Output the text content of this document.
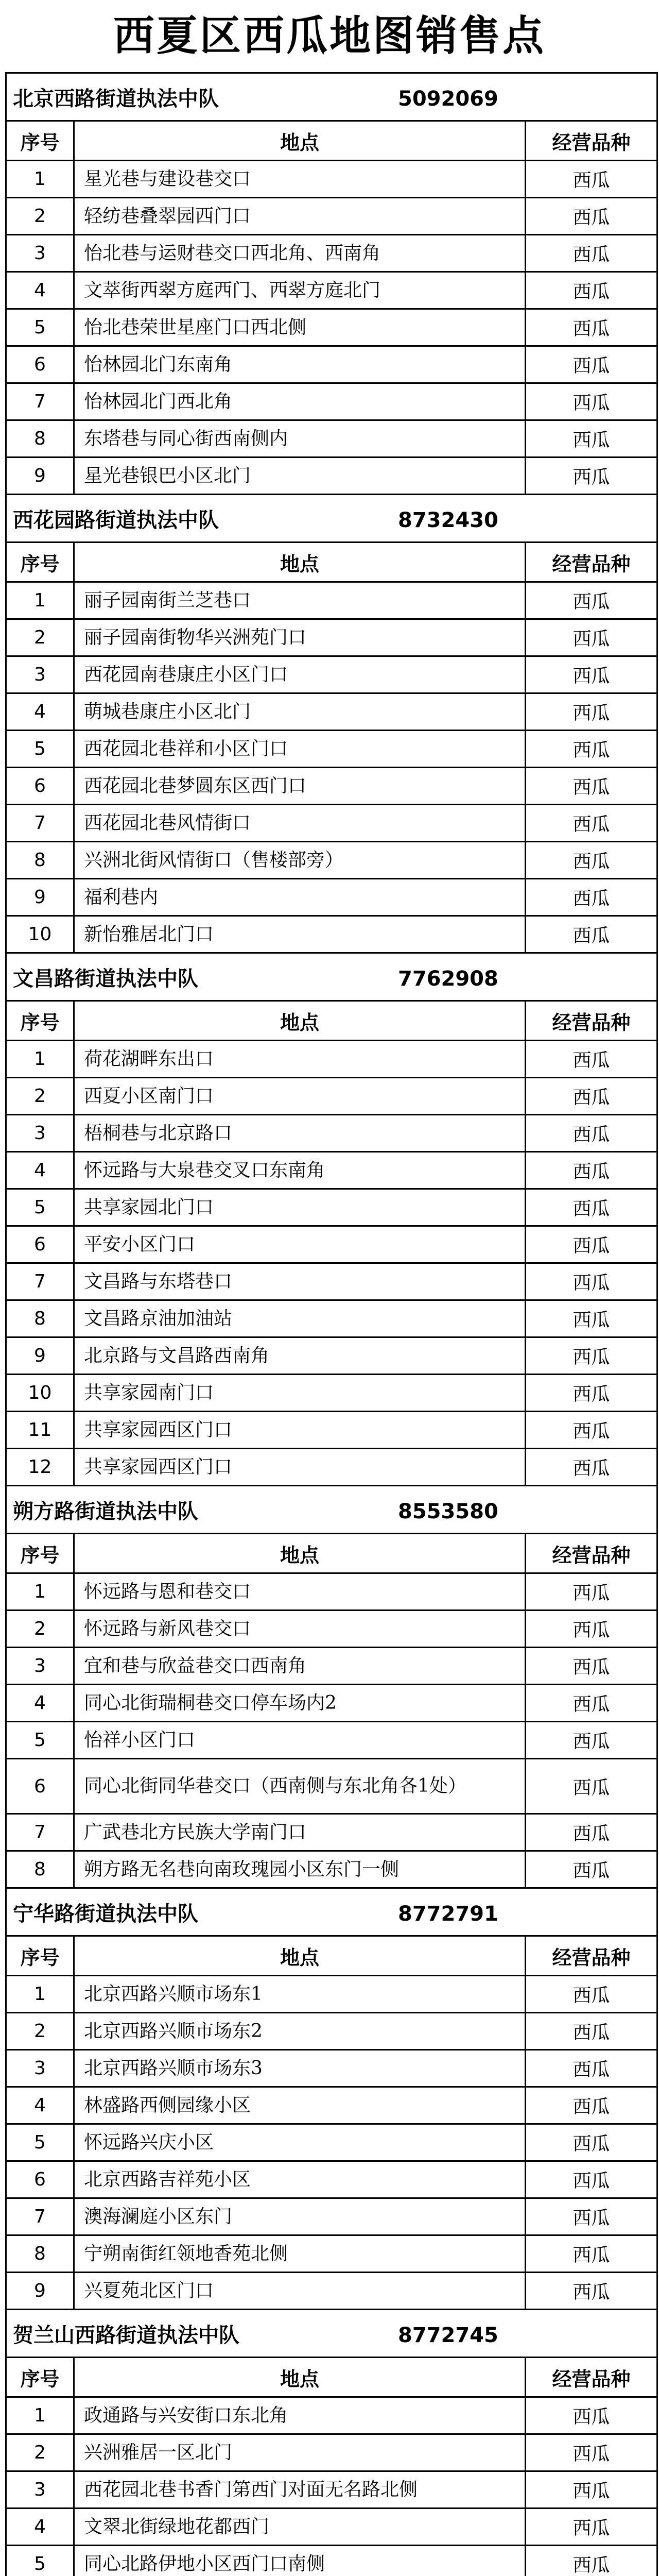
西夏区西瓜地图销售点
北京西路街道执法中队 5092069		
序号	地点	经营品种
1	星光巷与建设巷交口	西瓜
2	轻纺巷叠翠园西门口	西瓜
3	怡北巷与运财巷交口西北角、西南角	西瓜
4	文萃街西翠方庭西门、西翠方庭北门	西瓜
5	怡北巷荣世星座门口西北侧	西瓜
6	怡林园北门东南角	西瓜
7	怡林园北门西北角	西瓜
8	东塔巷与同心街西南侧内	西瓜
9	星光巷银巴小区北门	西瓜
西花园路街道执法中队 8732430		
序号	地点	经营品种
1	丽子园南街兰芝巷口	西瓜
2	丽子园南街物华兴洲苑门口	西瓜
3	西花园南巷康庄小区门口	西瓜
4	萌城巷康庄小区北门	西瓜
5	西花园北巷祥和小区门口	西瓜
6	西花园北巷梦圆东区西门口	西瓜
7	西花园北巷风情街口	西瓜
8	兴洲北街风情街口（售楼部旁）	西瓜
9	福利巷内	西瓜
10	新怡雅居北门口	西瓜
文昌路街道执法中队 7762908		
序号	地点	经营品种
1	荷花湖畔东出口	西瓜
2	西夏小区南门口	西瓜
3	梧桐巷与北京路口	西瓜
4	怀远路与大泉巷交叉口东南角	西瓜
5	共享家园北门口	西瓜
6	平安小区门口	西瓜
7	文昌路与东塔巷口	西瓜
8	文昌路京油加油站	西瓜
9	北京路与文昌路西南角	西瓜
10	共享家园南门口	西瓜
11	共享家园西区门口	西瓜
12	共享家园西区门口	西瓜
朔方路街道执法中队 8553580		
序号	地点	经营品种
1	怀远路与恩和巷交口	西瓜
2	怀远路与新风巷交口	西瓜
3	宜和巷与欣益巷交口西南角	西瓜
4	同心北街瑞桐巷交口停车场内2	西瓜
5	怡祥小区门口	西瓜
6	同心北街同华巷交口（西南侧与东北角各1处）	西瓜
7	广武巷北方民族大学南门口	西瓜
8	朔方路无名巷向南玫瑰园小区东门一侧	西瓜
宁华路街道执法中队 8772791		
序号	地点	经营品种
1	北京西路兴顺市场东1	西瓜
2	北京西路兴顺市场东2	西瓜
3	北京西路兴顺市场东3	西瓜
4	林盛路西侧园缘小区	西瓜
5	怀远路兴庆小区	西瓜
6	北京西路吉祥苑小区	西瓜
7	澳海澜庭小区东门	西瓜
8	宁朔南街红领地香苑北侧	西瓜
9	兴夏苑北区门口	西瓜
贺兰山西路街道执法中队 8772745		
序号	地点	经营品种
1	政通路与兴安街口东北角	西瓜
2	兴洲雅居一区北门	西瓜
3	西花园北巷书香门第西门对面无名路北侧	西瓜
4	文翠北街绿地花都西门	西瓜
5	同心北路伊地小区西门口南侧	西瓜
